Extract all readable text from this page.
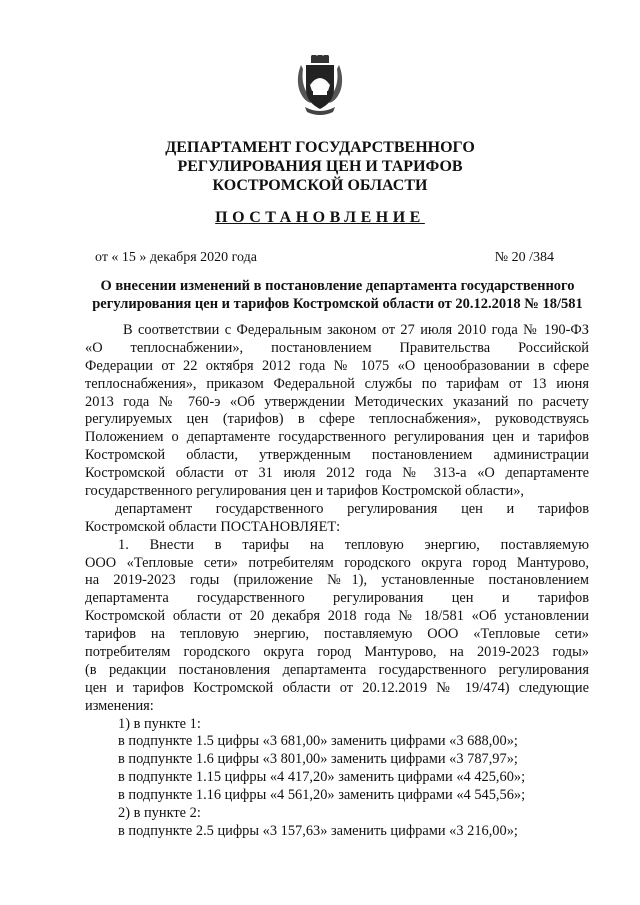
ДЕПАРТАМЕНТ ГОСУДАРСТВЕННОГО
РЕГУЛИРОВАНИЯ ЦЕН И ТАРИФОВ
КОСТРОМСКОЙ ОБЛАСТИ
ПОСТАНОВЛЕНИЕ
от « 15 » декабря 2020 года	№ 20 /384
О внесении изменений в постановление департамента государственного
регулирования цен и тарифов Костромской области от 20.12.2018 № 18/581
В соответствии с Федеральным законом от 27 июля 2010 года № 190-ФЗ
«О теплоснабжении», постановлением Правительства Российской
Федерации от 22 октября 2012 года № 1075 «О ценообразовании в сфере
теплоснабжения», приказом Федеральной службы по тарифам от 13 июня
2013 года № 760-э «Об утверждении Методических указаний по расчету
регулируемых цен (тарифов) в сфере теплоснабжения», руководствуясь
Положением о департаменте государственного регулирования цен и тарифов
Костромской области, утвержденным постановлением администрации
Костромской области от 31 июля 2012 года № 313-а «О департаменте
государственного регулирования цен и тарифов Костромской области»,
департамент государственного регулирования цен и тарифов
Костромской области ПОСТАНОВЛЯЕТ:
1. Внести в тарифы на тепловую энергию, поставляемую
ООО «Тепловые сети» потребителям городского округа город Мантурово,
на 2019-2023 годы (приложение №1), установленные постановлением
департамента государственного регулирования цен и тарифов
Костромской области от 20 декабря 2018 года № 18/581 «Об установлении
тарифов на тепловую энергию, поставляемую ООО «Тепловые сети»
потребителям городского округа город Мантурово, на 2019-2023 годы»
(в редакции постановления департамента государственного регулирования
цен и тарифов Костромской области от 20.12.2019 № 19/474) следующие
изменения:
1) в пункте 1:
в подпункте 1.5 цифры «3 681,00» заменить цифрами «3 688,00»;
в подпункте 1.6 цифры «3 801,00» заменить цифрами «3 787,97»;
в подпункте 1.15 цифры «4 417,20» заменить цифрами «4 425,60»;
в подпункте 1.16 цифры «4 561,20» заменить цифрами «4 545,56»;
2) в пункте 2:
в подпункте 2.5 цифры «3 157,63» заменить цифрами «3 216,00»;
